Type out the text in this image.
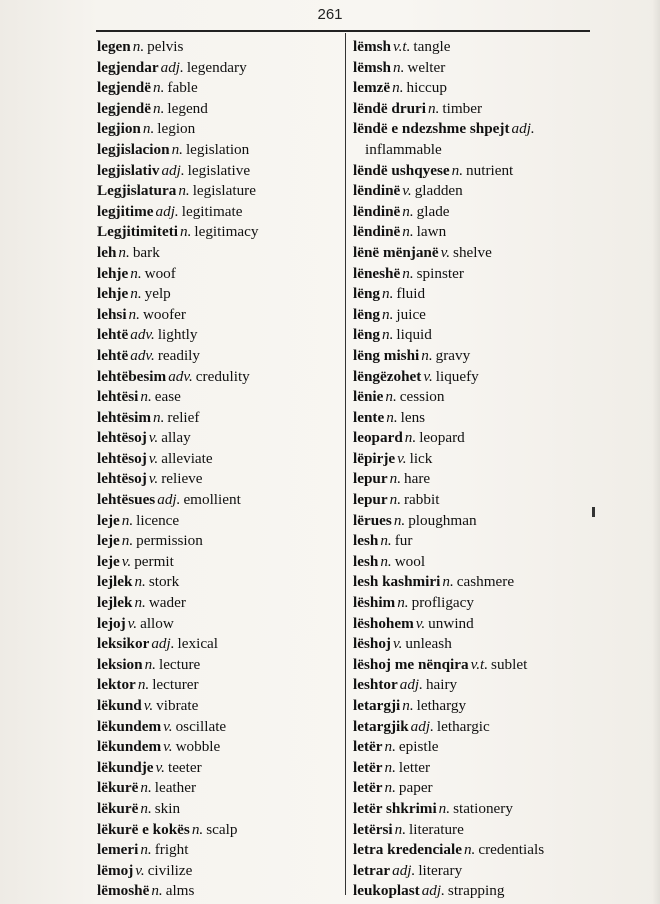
261
legen n. pelvis
legjendar adj. legendary
legjendë n. fable
legjendë n. legend
legjion n. legion
legjislacion n. legislation
legjislativ adj. legislative
Legjislatura n. legislature
legjitime adj. legitimate
Legjitimiteti n. legitimacy
leh n. bark
lehje n. woof
lehje n. yelp
lehsi n. woofer
lehtë adv. lightly
lehtë adv. readily
lehtëbesim adv. credulity
lehtësi n. ease
lehtësim n. relief
lehtësoj v. allay
lehtësoj v. alleviate
lehtësoj v. relieve
lehtësues adj. emollient
leje n. licence
leje n. permission
leje v. permit
lejlek n. stork
lejlek n. wader
lejoj v. allow
leksikor adj. lexical
leksion n. lecture
lektor n. lecturer
lëkund v. vibrate
lëkundem v. oscillate
lëkundem v. wobble
lëkundje v. teeter
lëkurë n. leather
lëkurë n. skin
lëkurë e kokës n. scalp
lemeri n. fright
lëmoj v. civilize
lëmoshë n. alms
lëmsh v.t. tangle
lëmsh n. welter
lemzë n. hiccup
lëndë druri n. timber
lëndë e ndezshme shpejt adj.
inflammable
lëndë ushqyese n. nutrient
lëndinë v. gladden
lëndinë n. glade
lëndinë n. lawn
lënë mënjanë v. shelve
lëneshë n. spinster
lëng n. fluid
lëng n. juice
lëng n. liquid
lëng mishi n. gravy
lëngëzohet v. liquefy
lënie n. cession
lente n. lens
leopard n. leopard
lëpirje v. lick
lepur n. hare
lepur n. rabbit
lërues n. ploughman
lesh n. fur
lesh n. wool
lesh kashmiri n. cashmere
lëshim n. profligacy
lëshohem v. unwind
lëshoj v. unleash
lëshoj me nënqira v.t. sublet
leshtor adj. hairy
letargji n. lethargy
letargjik adj. lethargic
letër n. epistle
letër n. letter
letër n. paper
letër shkrimi n. stationery
letërsi n. literature
letra kredenciale n. credentials
letrar adj. literary
leukoplast adj. strapping
